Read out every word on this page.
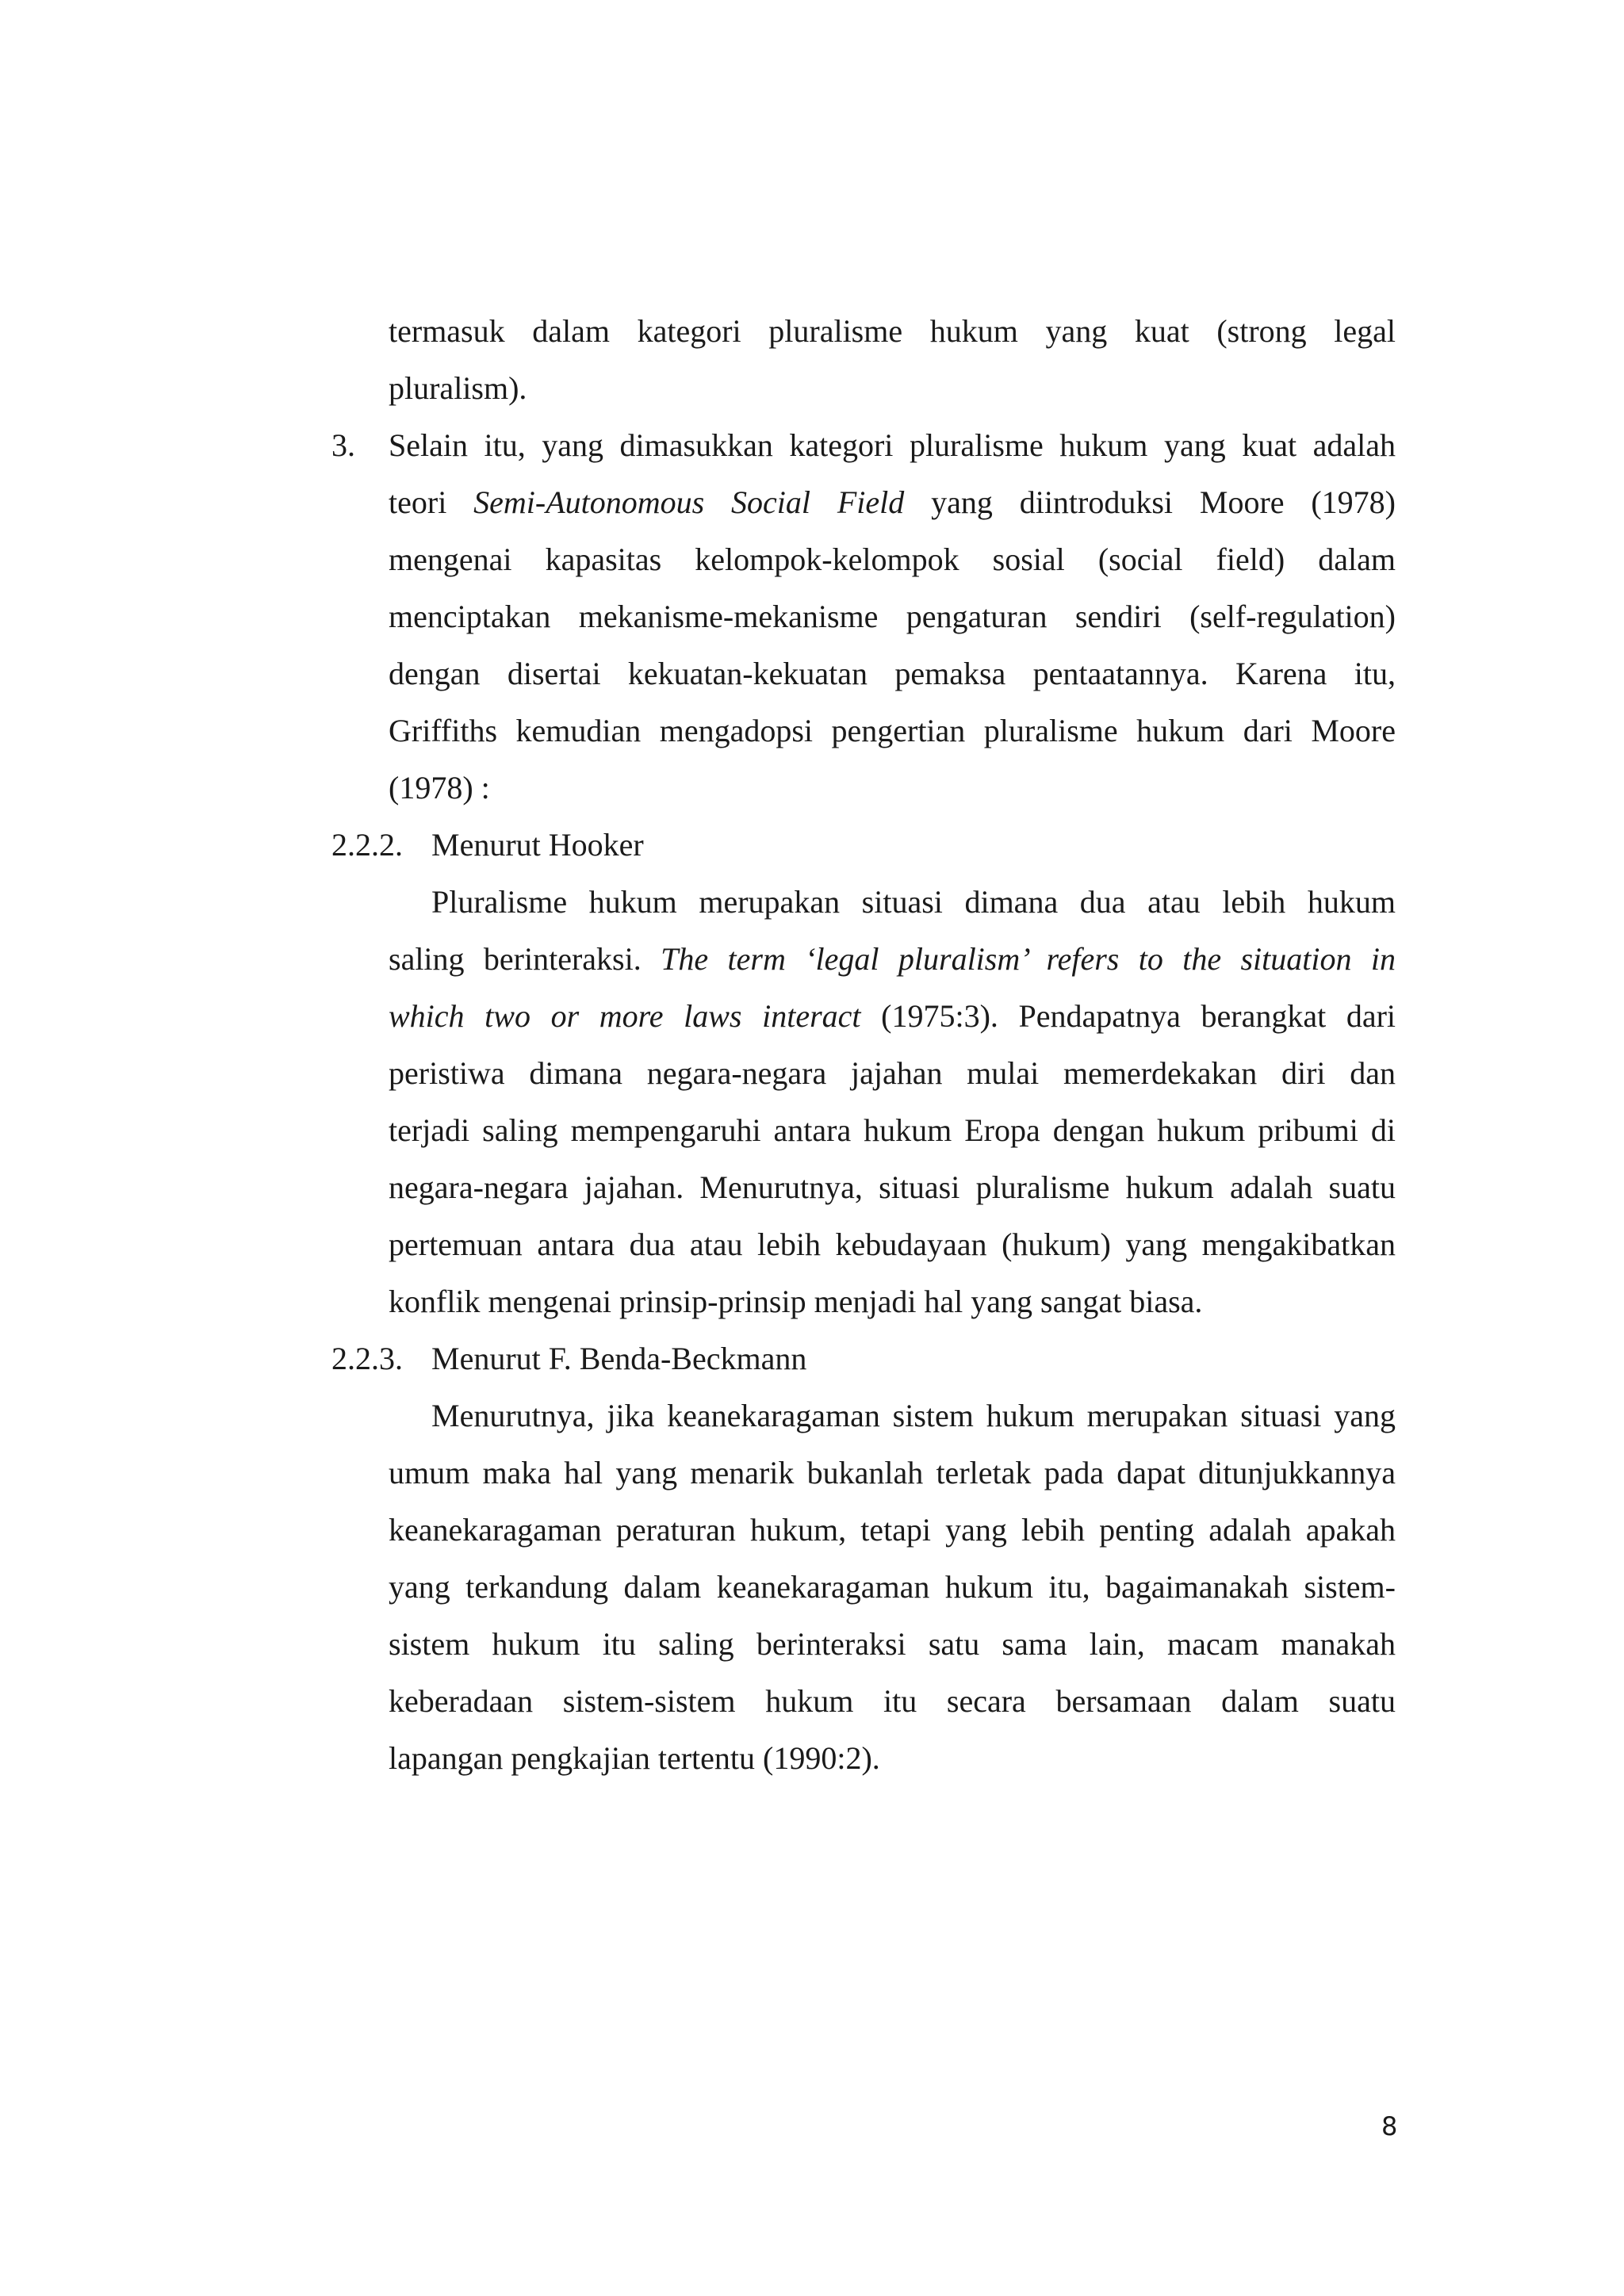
termasuk dalam kategori pluralisme hukum yang kuat (strong legal
pluralism).
3. Selain itu, yang dimasukkan kategori pluralisme hukum yang kuat adalah
teori Semi-Autonomous Social Field yang diintroduksi Moore (1978)
mengenai kapasitas kelompok-kelompok sosial (social field) dalam
menciptakan mekanisme-mekanisme pengaturan sendiri (self-regulation)
dengan disertai kekuatan-kekuatan pemaksa pentaatannya. Karena itu,
Griffiths kemudian mengadopsi pengertian pluralisme hukum dari Moore
(1978) :
2.2.2. Menurut Hooker
Pluralisme hukum merupakan situasi dimana dua atau lebih hukum
saling berinteraksi. The term ‘legal pluralism’ refers to the situation in
which two or more laws interact (1975:3). Pendapatnya berangkat dari
peristiwa dimana negara-negara jajahan mulai memerdekakan diri dan
terjadi saling mempengaruhi antara hukum Eropa dengan hukum pribumi di
negara-negara jajahan. Menurutnya, situasi pluralisme hukum adalah suatu
pertemuan antara dua atau lebih kebudayaan (hukum) yang mengakibatkan
konflik mengenai prinsip-prinsip menjadi hal yang sangat biasa.
2.2.3. Menurut F. Benda-Beckmann
Menurutnya, jika keanekaragaman sistem hukum merupakan situasi yang
umum maka hal yang menarik bukanlah terletak pada dapat ditunjukkannya
keanekaragaman peraturan hukum, tetapi yang lebih penting adalah apakah
yang terkandung dalam keanekaragaman hukum itu, bagaimanakah sistem-
sistem hukum itu saling berinteraksi satu sama lain, macam manakah
keberadaan sistem-sistem hukum itu secara bersamaan dalam suatu
lapangan pengkajian tertentu (1990:2).
8
